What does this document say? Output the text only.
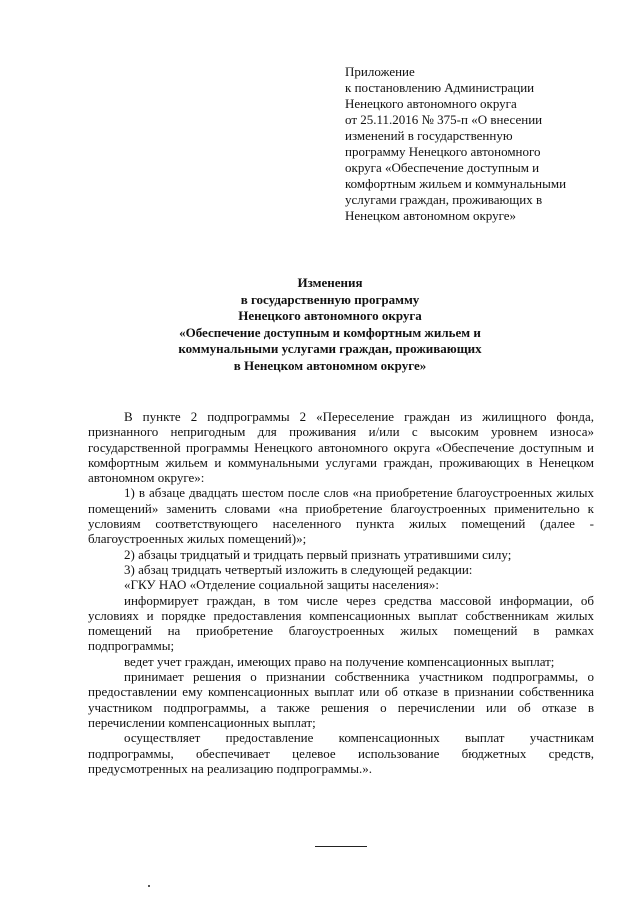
Приложение
к постановлению Администрации
Ненецкого автономного округа
от 25.11.2016 № 375-п «О внесении
изменений в государственную
программу Ненецкого автономного
округа «Обеспечение доступным и
комфортным жильем и коммунальными
услугами граждан, проживающих в
Ненецком автономном округе»
Изменения
в государственную программу
Ненецкого автономного округа
«Обеспечение доступным и комфортным жильем и
коммунальными услугами граждан, проживающих
в Ненецком автономном округе»

В пункте 2 подпрограммы 2 «Переселение граждан из жилищного фонда, признанного непригодным для проживания и/или с высоким уровнем износа» государственной программы Ненецкого автономного округа «Обеспечение доступным и комфортным жильем и коммунальными услугами граждан, проживающих в Ненецком автономном округе»:

1) в абзаце двадцать шестом после слов «на приобретение благоустроенных жилых помещений» заменить словами «на приобретение благоустроенных применительно к условиям соответствующего населенного пункта жилых помещений (далее - благоустроенных жилых помещений)»;

2) абзацы тридцатый и тридцать первый признать утратившими силу;

3) абзац тридцать четвертый изложить в следующей редакции:

«ГКУ НАО «Отделение социальной защиты населения»:

информирует граждан, в том числе через средства массовой информации, об условиях и порядке предоставления компенсационных выплат собственникам жилых помещений на приобретение благоустроенных жилых помещений в рамках подпрограммы;

ведет учет граждан, имеющих право на получение компенсационных выплат;

принимает решения о признании собственника участником подпрограммы, о предоставлении ему компенсационных выплат или об отказе в признании собственника участником подпрограммы, а также решения о перечислении или об отказе в перечислении компенсационных выплат;

осуществляет предоставление компенсационных выплат участникам подпрограммы, обеспечивает целевое использование бюджетных средств, предусмотренных на реализацию подпрограммы.».
